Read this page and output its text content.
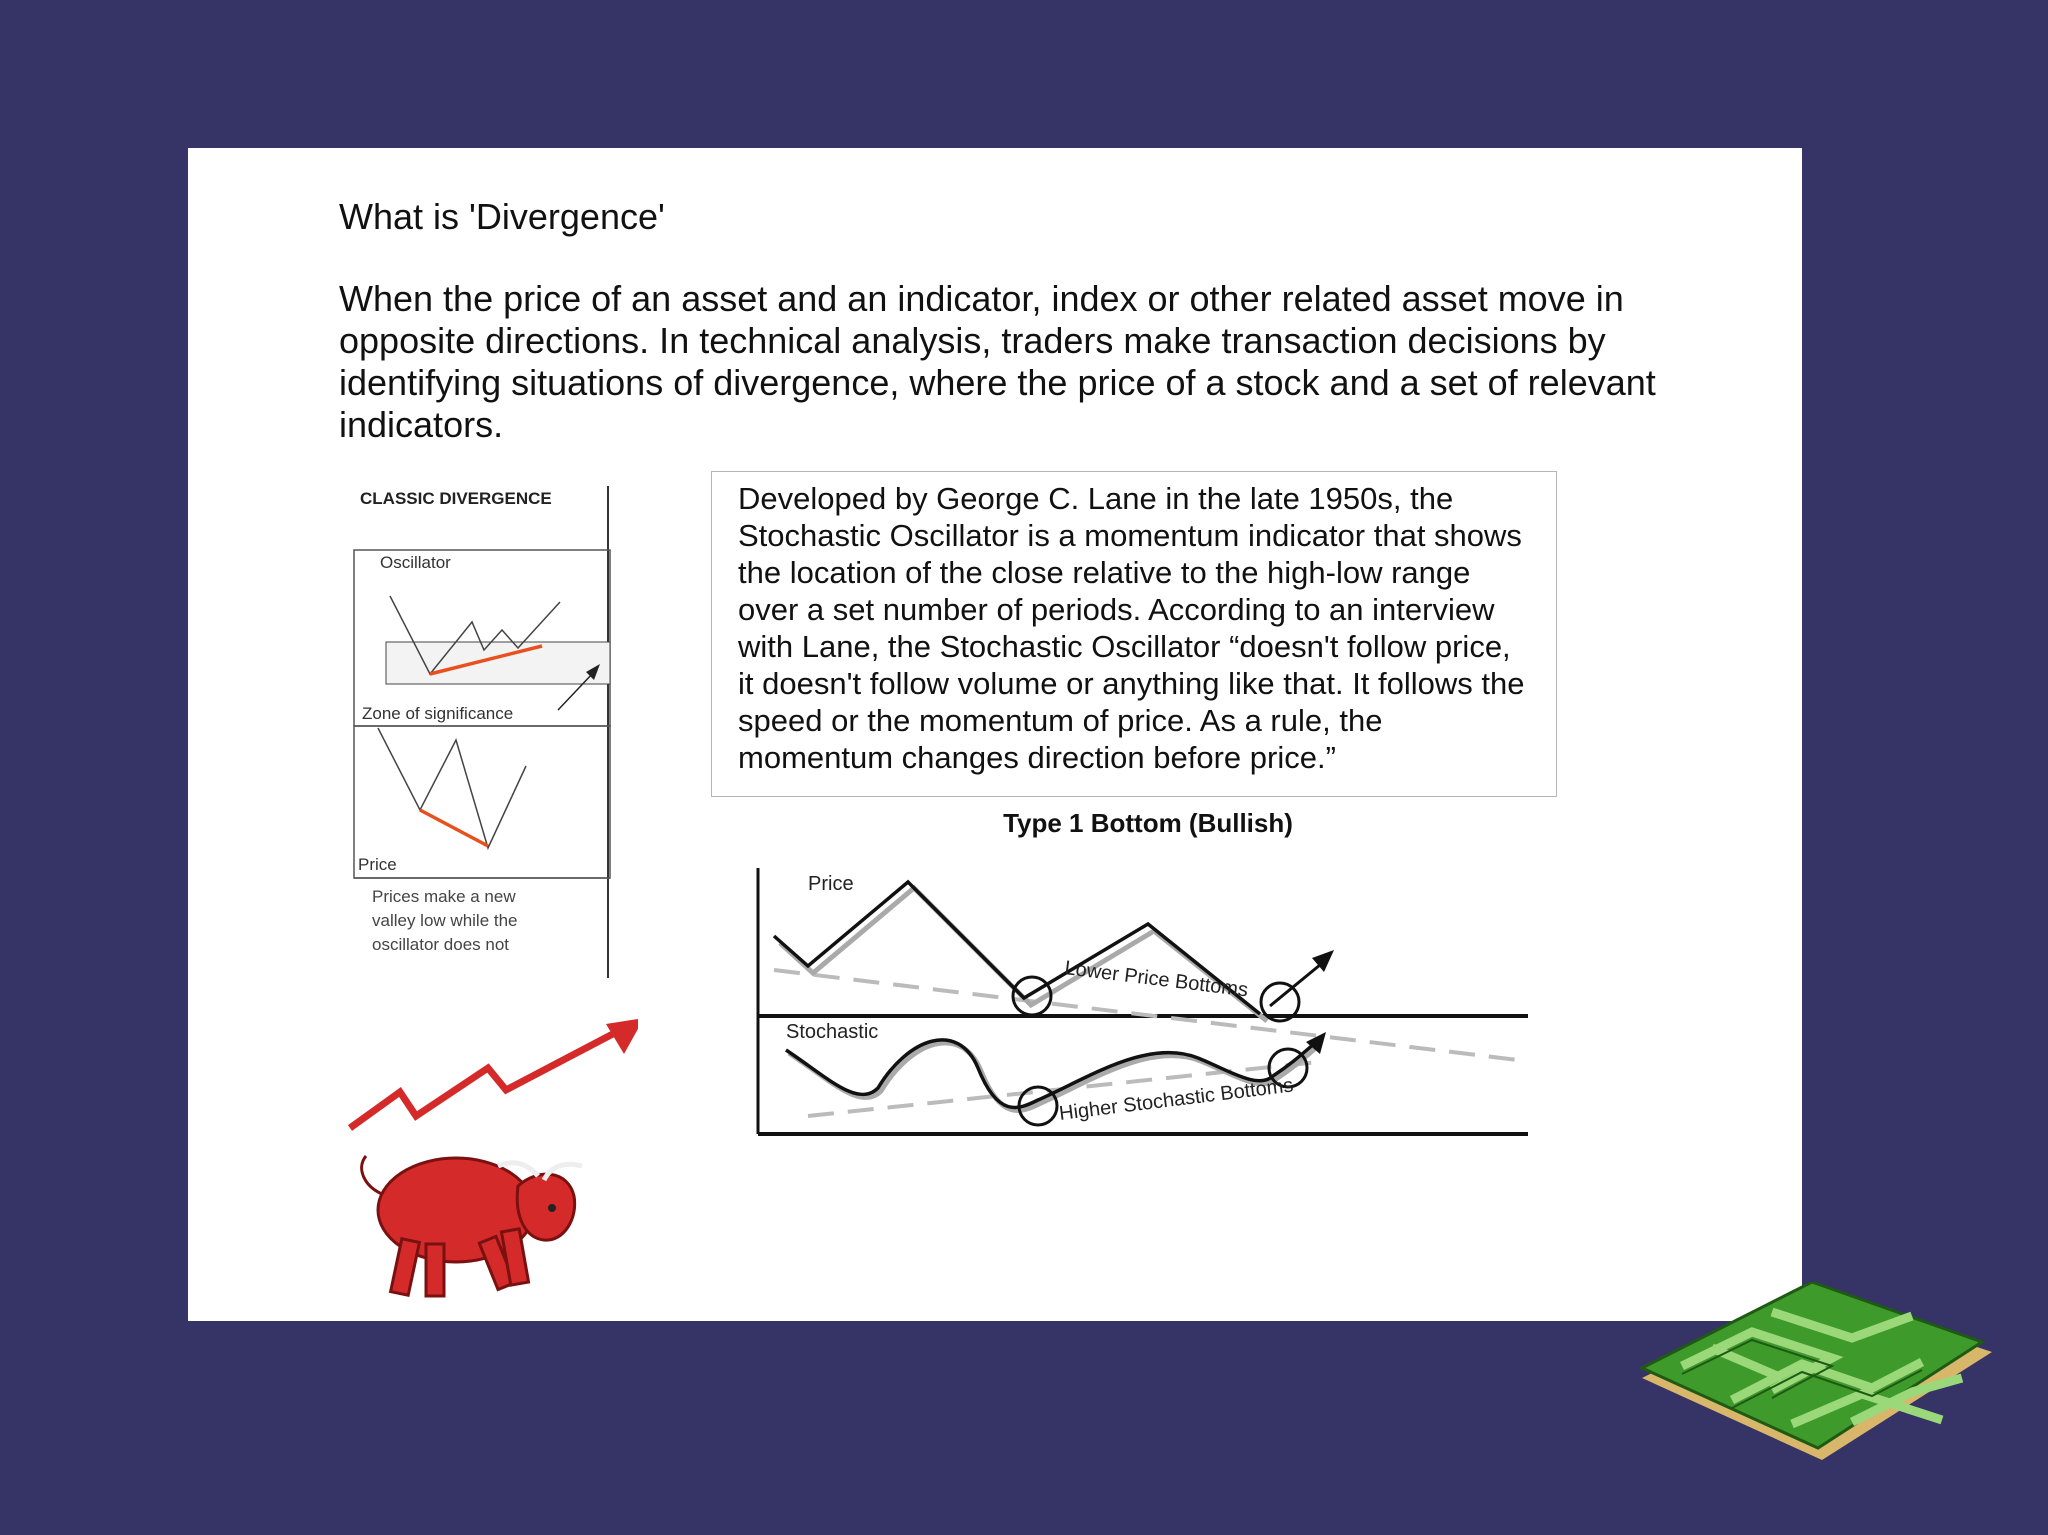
What is 'Divergence'

When the price of an asset and an indicator, index or other related asset move in opposite directions. In technical analysis, traders make transaction decisions by identifying situations of divergence, where the price of a stock and a set of relevant indicators.

CLASSIC DIVERGENCE
Oscillator
Zone of significance
Price
Prices make a new
valley low while the
oscillator does not
Developed by George C. Lane in the late 1950s, the Stochastic Oscillator is a momentum indicator that shows the location of the close relative to the high-low range over a set number of periods. According to an interview with Lane, the Stochastic Oscillator “doesn't follow price, it doesn't follow volume or anything like that. It follows the speed or the momentum of price. As a rule, the momentum changes direction before price.”
Type 1 Bottom (Bullish)
Price
Stochastic
Lower Price Bottoms
Higher Stochastic Bottoms
